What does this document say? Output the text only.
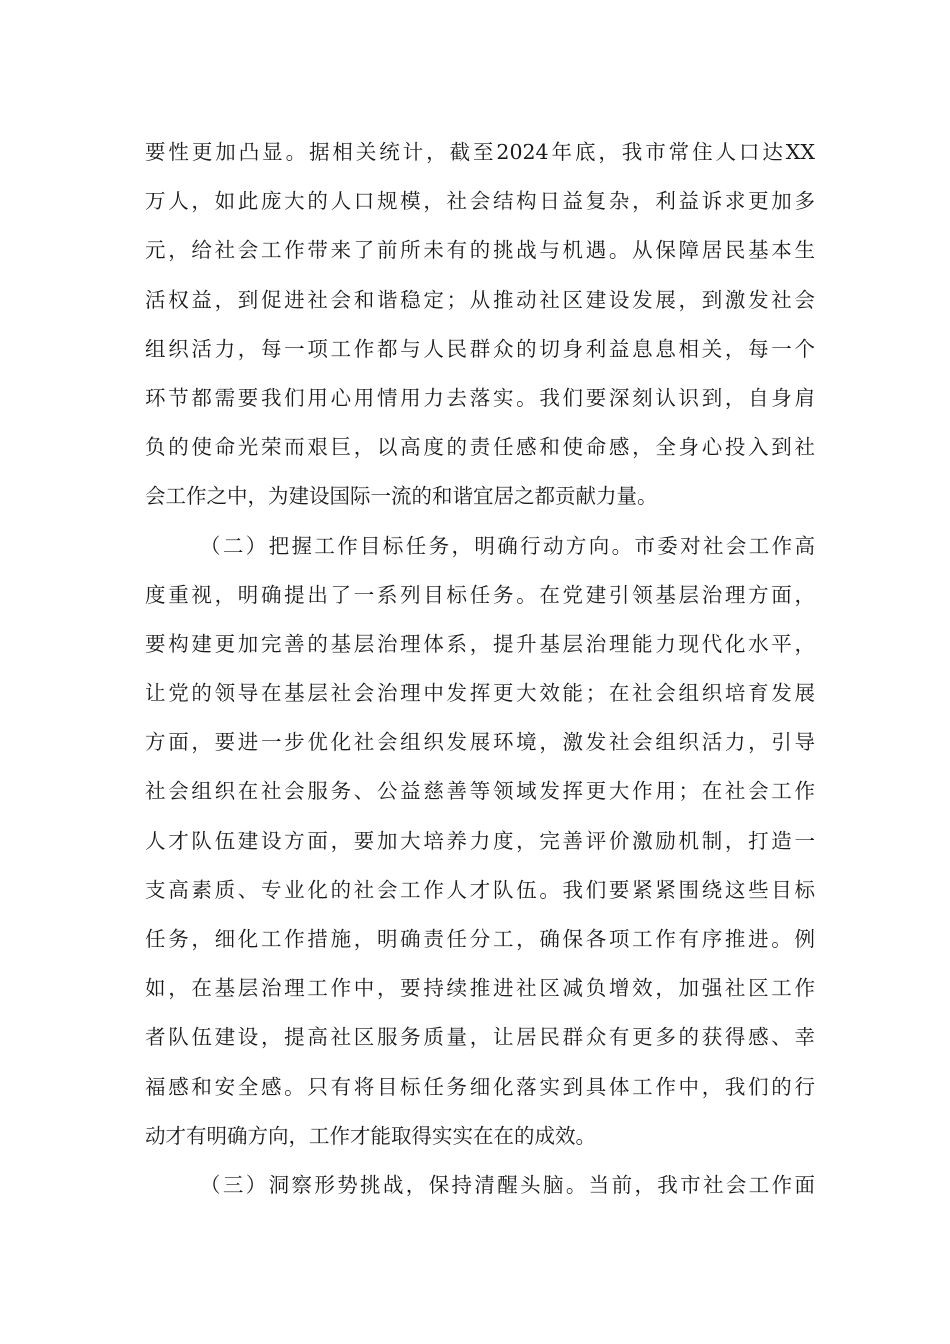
要性更加凸显。据相关统计，截至2024年底，我市常住人口达XX
万人，如此庞大的人口规模，社会结构日益复杂，利益诉求更加多
元，给社会工作带来了前所未有的挑战与机遇。从保障居民基本生
活权益，到促进社会和谐稳定；从推动社区建设发展，到激发社会
组织活力，每一项工作都与人民群众的切身利益息息相关，每一个
环节都需要我们用心用情用力去落实。我们要深刻认识到，自身肩
负的使命光荣而艰巨，以高度的责任感和使命感，全身心投入到社
会工作之中，为建设国际一流的和谐宜居之都贡献力量。
（二）把握工作目标任务，明确行动方向。市委对社会工作高
度重视，明确提出了一系列目标任务。在党建引领基层治理方面，
要构建更加完善的基层治理体系，提升基层治理能力现代化水平，
让党的领导在基层社会治理中发挥更大效能；在社会组织培育发展
方面，要进一步优化社会组织发展环境，激发社会组织活力，引导
社会组织在社会服务、公益慈善等领域发挥更大作用；在社会工作
人才队伍建设方面，要加大培养力度，完善评价激励机制，打造一
支高素质、专业化的社会工作人才队伍。我们要紧紧围绕这些目标
任务，细化工作措施，明确责任分工，确保各项工作有序推进。例
如，在基层治理工作中，要持续推进社区减负增效，加强社区工作
者队伍建设，提高社区服务质量，让居民群众有更多的获得感、幸
福感和安全感。只有将目标任务细化落实到具体工作中，我们的行
动才有明确方向，工作才能取得实实在在的成效。
（三）洞察形势挑战，保持清醒头脑。当前，我市社会工作面
